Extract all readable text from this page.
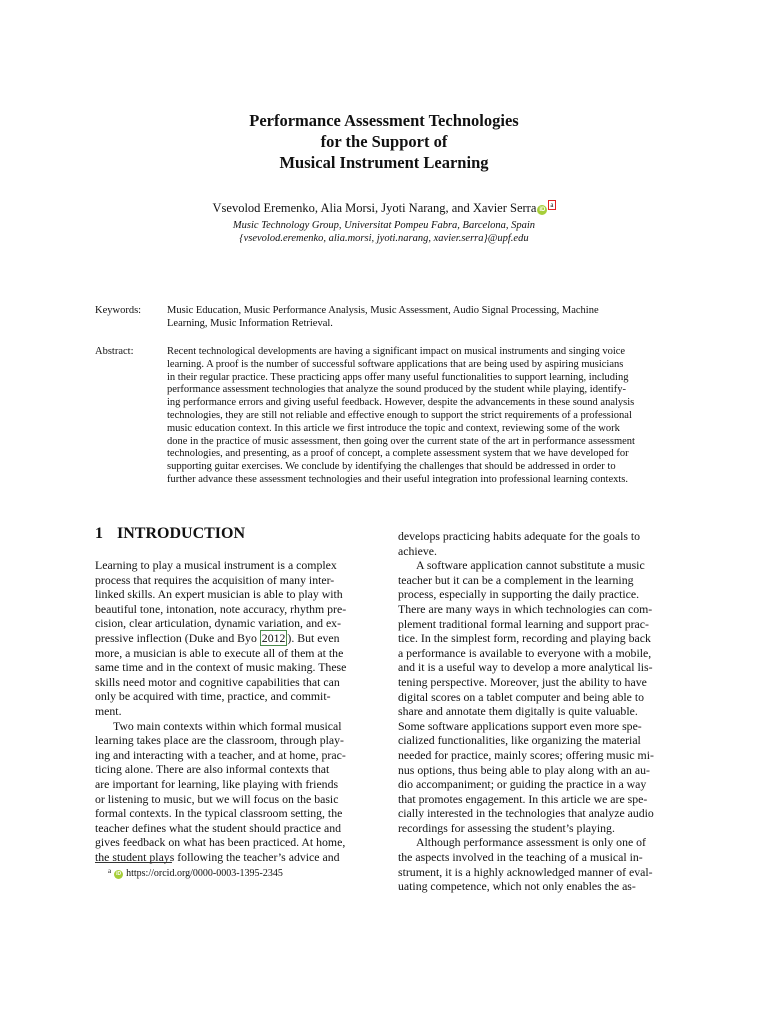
Performance Assessment Technologies
for the Support of
Musical Instrument Learning
Vsevolod Eremenko, Alia Morsi, Jyoti Narang, and Xavier Serra iDa
Music Technology Group, Universitat Pompeu Fabra, Barcelona, Spain
{vsevolod.eremenko, alia.morsi, jyoti.narang, xavier.serra}@upf.edu
Keywords: Music Education, Music Performance Analysis, Music Assessment, Audio Signal Processing, Machine
Learning, Music Information Retrieval.
Abstract:	Recent technological developments are having a significant impact on musical instruments and singing voice
learning. A proof is the number of successful software applications that are being used by aspiring musicians
in their regular practice. These practicing apps offer many useful functionalities to support learning, including
performance assessment technologies that analyze the sound produced by the student while playing, identify-
ing performance errors and giving useful feedback. However, despite the advancements in these sound analysis
technologies, they are still not reliable and effective enough to support the strict requirements of a professional
music education context. In this article we first introduce the topic and context, reviewing some of the work
done in the practice of music assessment, then going over the current state of the art in performance assessment
technologies, and presenting, as a proof of concept, a complete assessment system that we have developed for
supporting guitar exercises. We conclude by identifying the challenges that should be addressed in order to
further advance these assessment technologies and their useful integration into professional learning contexts.
1 INTRODUCTION
Learning to play a musical instrument is a complex
process that requires the acquisition of many inter-
linked skills. An expert musician is able to play with
beautiful tone, intonation, note accuracy, rhythm pre-
cision, clear articulation, dynamic variation, and ex-
pressive inflection (Duke and Byo 2012 ). But even
more, a musician is able to execute all of them at the
same time and in the context of music making. These
skills need motor and cognitive capabilities that can
only be acquired with time, practice, and commit-
ment.
Two main contexts within which formal musical
learning takes place are the classroom, through play-
ing and interacting with a teacher, and at home, prac-
ticing alone. There are also informal contexts that
are important for learning, like playing with friends
or listening to music, but we will focus on the basic
formal contexts. In the typical classroom setting, the
teacher defines what the student should practice and
gives feedback on what has been practiced. At home,
the student plays following the teacher’s advice and
develops practicing habits adequate for the goals to
achieve.
A software application cannot substitute a music
teacher but it can be a complement in the learning
process, especially in supporting the daily practice.
There are many ways in which technologies can com-
plement traditional formal learning and support prac-
tice. In the simplest form, recording and playing back
a performance is available to everyone with a mobile,
and it is a useful way to develop a more analytical lis-
tening perspective. Moreover, just the ability to have
digital scores on a tablet computer and being able to
share and annotate them digitally is quite valuable.
Some software applications support even more spe-
cialized functionalities, like organizing the material
needed for practice, mainly scores; offering music mi-
nus options, thus being able to play along with an au-
dio accompaniment; or guiding the practice in a way
that promotes engagement. In this article we are spe-
cially interested in the technologies that analyze audio
recordings for assessing the student’s playing.
Although performance assessment is only one of
the aspects involved in the teaching of a musical in-
strument, it is a highly acknowledged manner of eval-
uating competence, which not only enables the as-
$^a$ iD https://orcid.org/0000-0003-1395-2345
